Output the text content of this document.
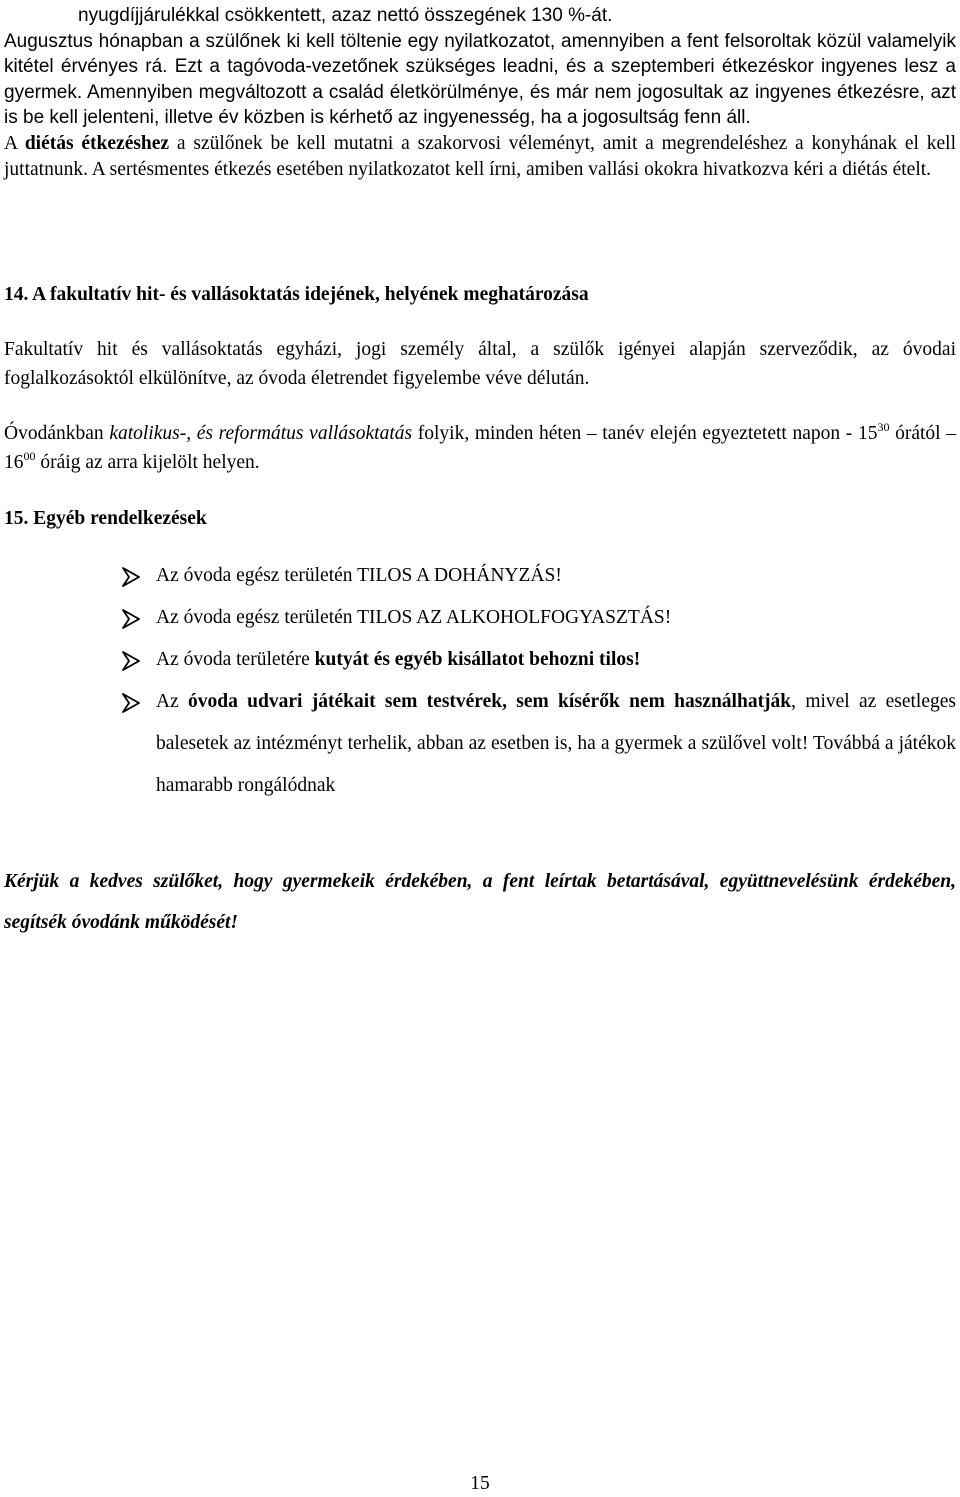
nyugdíjjárulékkal csökkentett, azaz nettó összegének 130 %-át.

Augusztus hónapban a szülőnek ki kell töltenie egy nyilatkozatot, amennyiben a fent felsoroltak közül valamelyik kitétel érvényes rá. Ezt a tagóvoda-vezetőnek szükséges leadni, és a szeptemberi étkezéskor ingyenes lesz a gyermek. Amennyiben megváltozott a család életkörülménye, és már nem jogosultak az ingyenes étkezésre, azt is be kell jelenteni, illetve év közben is kérhető az ingyenesség, ha a jogosultság fenn áll.

A diétás étkezéshez a szülőnek be kell mutatni a szakorvosi véleményt, amit a megrendeléshez a konyhának el kell juttatnunk. A sertésmentes étkezés esetében nyilatkozatot kell írni, amiben vallási okokra hivatkozva kéri a diétás ételt.

14. A fakultatív hit- és vallásoktatás idejének, helyének meghatározása

Fakultatív hit és vallásoktatás egyházi, jogi személy által, a szülők igényei alapján szerveződik, az óvodai foglalkozásoktól elkülönítve, az óvoda életrendet figyelembe véve délután.

Óvodánkban katolikus-, és református vallásoktatás folyik, minden héten – tanév elején egyeztetett napon - $15^{30}$ órától – $16^{00}$ óráig az arra kijelölt helyen.

15. Egyéb rendelkezések

Az óvoda egész területén TILOS A DOHÁNYZÁS!
Az óvoda egész területén TILOS AZ ALKOHOLFOGYASZTÁS!
Az óvoda területére kutyát és egyéb kisállatot behozni tilos!
Az óvoda udvari játékait sem testvérek, sem kísérők nem használhatják, mivel az esetleges balesetek az intézményt terhelik, abban az esetben is, ha a gyermek a szülővel volt! Továbbá a játékok hamarabb rongálódnak

Kérjük a kedves szülőket, hogy gyermekeik érdekében, a fent leírtak betartásával, együttnevelésünk érdekében, segítsék óvodánk működését!

15
